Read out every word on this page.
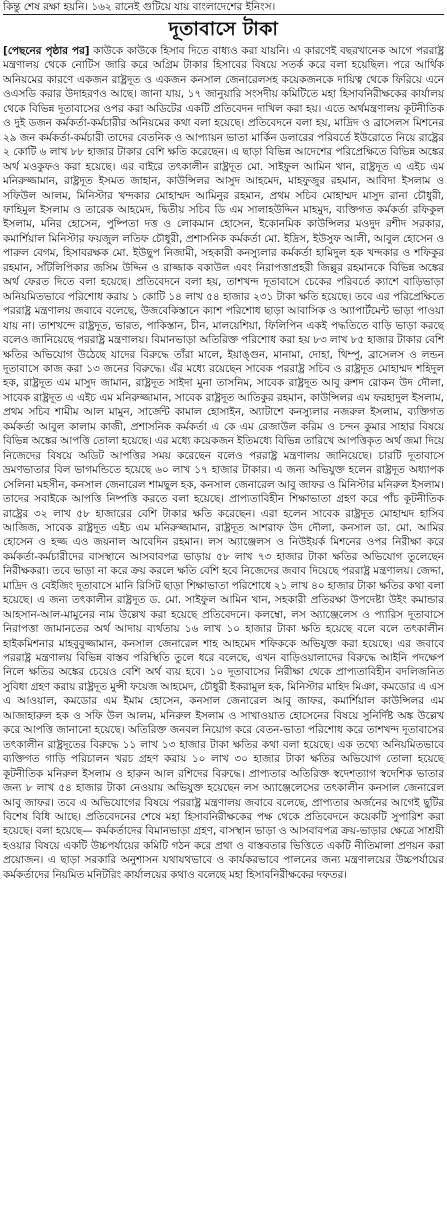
কিন্তু শেষ রক্ষা হয়নি। ১৬২ রানেই গুটিয়ে যায় বাংলাদেশের ইনিংস।
দূতাবাসে টাকা
[পেছনের পৃষ্ঠার পর] কাউকে কাউকে হিসাব দিতে বাধ্যও করা যায়নি। এ কারণেই বছরখানেক আগে পররাষ্ট্র মন্ত্রণালয় থেকে নোটিস জারি করে অগ্রিম টাকার হিসাবের বিষয়ে সতর্ক করে বলা হয়েছিল। পরে আর্থিক অনিয়মের কারণে একজন রাষ্ট্রদূত ও একজন কনসাল জেনারেলসহ কয়েকজনকে দায়িত্ব থেকে ফিরিয়ে এনে ওএসডি করার উদাহরণও আছে। জানা যায়, ১৭ জানুয়ারি সংসদীয় কমিটিতে মহা হিসাবনিরীক্ষকের কার্যালয় থেকে বিভিন্ন দূতাবাসের ওপর করা অডিটের একটি প্রতিবেদন দাখিল করা হয়। এতে অর্থমন্ত্রণালয় কূটনীতিক ও দুই ডজন কর্মকর্তা-কর্মচারীর অনিয়মের কথা বলা হয়েছে। প্রতিবেদনে বলা হয়, মাদ্রিদ ও ব্রাসেলস মিশনের ২৯ জন কর্মকর্তা-কর্মচারী তাদের বেতনিক ও আপ্যায়ন ভাতা মার্কিন ডলারের পরিবর্তে ইউরোতে নিয়ে রাষ্ট্রের ২ কোটি ৬ লাখ ৮৮ হাজার টাকার বেশি ক্ষতি করেছেন। এ ছাড়া বিভিন্ন আদেশের পরিপ্রেক্ষিতে বিভিন্ন অঙ্কের অর্থ মওকুফও করা হয়েছে। এর বাইরে তৎকালীন রাষ্ট্রদূত মো. সাইফুল আমিন খান, রাষ্ট্রদূত এ এইচ এম মনিরুজ্জামান, রাষ্ট্রদূত ইসমত জাহান, কাউন্সিলর আসুদ আহমেদ, মাহফুজুর রহমান, আবিদা ইসলাম ও সফিউল আলম, মিনিস্টার খন্দকার মোহাম্মদ আমিনুর রহমান, প্রথম সচিব মোহাম্মদ মাসুদ রানা চৌধুরী, ফাহিমুল ইসলাম ও তারেক আহমেদ, দ্বিতীয় সচিব ডি এম সালাহউদ্দিন মাহমুদ, ব্যক্তিগত কর্মকর্তা রফিকুল ইসলাম, মনির হোসেন, পুষ্পিতা দত্ত ও লোকমান হোসেন, ইকোনমিক কাউন্সিলর মওদুদ রশীদ সরকার, কমার্শিয়াল মিনিস্টার ফয়জুল লতিফ চৌধুরী, প্রশাসনিক কর্মকর্তা মো. ইদ্রিস, ইউসুফ আলী, আবুল হোসেন ও পারুল বেগম, হিসাবরক্ষক মো. ইউছুপ নিজামী, সহকারী কনস্যুলার কর্মকর্তা হামিদুল হক খন্দকার ও শফিকুর রহমান, সাঁটলিপিকার জসিম উদ্দিন ও রাজ্জাক বকাউল এবং নিরাপত্তাপ্রহরী জিল্লুর রহমানকে বিভিন্ন অঙ্কের অর্থ ফেরত দিতে বলা হয়েছে। প্রতিবেদনে বলা হয়, তাশখন্দ দূতাবাসে চেকের পরিবর্তে ক্যাশে বাড়িভাড়া অনিয়মিতভাবে পরিশোধ করায় ১ কোটি ১৪ লাখ ৫৪ হাজার ২৩১ টাকা ক্ষতি হয়েছে। তবে এর পরিপ্রেক্ষিতে পররাষ্ট্র মন্ত্রণালয় জবাবে বলেছে, উজবেকিস্তানে ক্যাশ পরিশোধ ছাড়া আবাসিক ও অ্যাপার্টমেন্ট ভাড়া পাওয়া যায় না। তাশখন্দে রাষ্ট্রদূত, ভারত, পাকিস্তান, চীন, মালয়েশিয়া, ফিলিপিন একই পদ্ধতিতে বাড়ি ভাড়া করছে বলেও জানিয়েছে পররাষ্ট্র মন্ত্রণালয়। বিমানভাড়া অতিরিক্ত পরিশোধ করা হয় ৮৩ লাখ ৮৫ হাজার টাকার বেশি ক্ষতির অভিযোগ উঠেছে যাদের বিরুদ্ধে তাঁরা মালে, ইয়াঙ্গুন, মানামা, দোহা, থিম্পু, ব্রাসেলস ও লন্ডন দূতাবাসে কাজ করা ১৩ জনের বিরুদ্ধে। এঁর মধ্যে রয়েছেন সাবেক পররাষ্ট্র সচিব ও রাষ্ট্রদূত মোহাম্মদ শহিদুল হক, রাষ্ট্রদূত এম মাসুদ জামান, রাষ্ট্রদূত সাইদা মুনা তাসনিম, সাবেক রাষ্ট্রদূত আবু রুশদ রোকন উদ দৌলা, সাবেক রাষ্ট্রদূত এ এইচ এম মনিরুজ্জামান, সাবেক রাষ্ট্রদূত আতিকুর রহমান, কাউন্সিলর এম ফরহাদুল ইসলাম, প্রথম সচিব শামীম আল মামুন, সার্জেন্ট কামাল হোসাইন, অ্যাটাশে কনস্যুলার নজরুল ইসলাম, ব্যক্তিগত কর্মকর্তা আবুল কালাম কাজী, প্রশাসনিক কর্মকর্তা এ কে এম রেজাউল করিম ও চন্দন কুমার সাহার বিষয়ে বিভিন্ন অঙ্কের আপত্তি তোলা হয়েছে। এর মধ্যে কয়েকজন ইতিমধ্যে বিভিন্ন তারিখে আপত্তিকৃত অর্থ জমা দিয়ে নিজেদের বিষয়ে অডিট আপত্তির সময় করেছেন বলেও পররাষ্ট্র মন্ত্রণালয় জানিয়েছে। চারটি দূতাবাসে ভ্রমণভাতার বিল ভাগমন্ডিতে হয়েছে ৬০ লাখ ১৭ হাজার টাকার। এ জন্য অভিযুক্ত হলেন রাষ্ট্রদূত অধ্যাপক সেলিনা মহসীন, কনসাল জেনারেল শামছুল হক, কনসাল জেনারেল আবু জাফর ও মিনিস্টার মনিরুল ইসলাম। তাদের সবাইকে আপত্তি নিষ্পত্তি করতে বলা হয়েছে। প্রাপ্যতাবিহীন শিক্ষাভাতা গ্রহণ করে পাঁচ কূটনীতিক রাষ্ট্রের ৩২ লাখ ৫৮ হাজারের বেশি টাকার ক্ষতি করেছেন। এরা হলেন সাবেক রাষ্ট্রদূত মোহাম্মদ হাসিব আজিজ, সাবেক রাষ্ট্রদূত এইচ এম মনিরুজ্জামান, রাষ্ট্রদূত আশরাফ উদ দৌলা, কনসাল ডা. মো. আমির হোসেন ও হজ্জ এও জয়নাল আবেদিন রহমান। লস অ্যাঞ্জেলস ও নিউইয়র্ক মিশনের ওপর নিরীক্ষা করে কর্মকর্তা-কর্মচারীদের বাসস্থানে আসবাবপত্র ভাড়ায় ৫৮ লাখ ৭৩ হাজার টাকা ক্ষতির অভিযোগ তুলেছেন নিরীক্ষকরা। তবে ভাড়া না করে ক্রয় করলে ক্ষতি বেশি হবে নিজেদের জবাব দিয়েছে পররাষ্ট্র মন্ত্রণালয়। জেদ্দা, মাদ্রিদ ও বেইজিং দূতাবাসে মানি রিসিট ছাড়া শিক্ষাভাতা পরিশোধে ২১ লাখ ৪০ হাজার টাকা ক্ষতির কথা বলা হয়েছে। এ জন্য তৎকালীন রাষ্ট্রদূত ড. মো. সাইফুল আমিন খান, সহকারী প্রতিরক্ষা উপদেষ্টা উইং কমান্ডার আহসান-আল-মামুনের নাম উল্লেখ করা হয়েছে প্রতিবেদনে। কলম্বো, লস অ্যাঞ্জেলেস ও প্যারিস দূতাবাসে নিরাপত্তা জামানতের অর্থ আদায় ব্যর্থতায় ১৬ লাখ ১০ হাজার টাকা ক্ষতি হয়েছে বলে বলে তৎকালীন হাইকমিশনার মাহবুবুজ্জামান, কনসাল জেনারেল শাহ আহমেদ শফিককে অভিযুক্ত করা হয়েছে। এর জবাবে পররাষ্ট্র মন্ত্রণালয় বিভিন্ন বাস্তব পরিস্থিতি তুলে ধরে বলেছে, এখন বাড়িওয়ালাদের বিরুদ্ধে আইনি পদক্ষেপ নিলে ক্ষতির অঙ্কের চেয়েও বেশি অর্থ ব্যয় হবে। ১০ দূতাবাসের নিরীক্ষা থেকে প্রাপ্যতাবিহীন বদলিজনিত সুবিধা গ্রহণ করায় রাষ্ট্রদূত মুন্সী ফয়েজ আহমেদ, চৌধুরী ইকরামুল হক, মিনিস্টার মাহিদ মিঞা, কমডোর এ এস এ আওয়াল, কমডোর এম ইমাম হোসেন, কনসাল জেনারেল আবু জাফর, কমার্শিয়াল কাউন্সিলর এম আজাহারুল হক ও সফি উল আলম, মনিরুল ইসলাম ও সাখাওয়াত হোসেনের বিষয়ে সুনির্দিষ্ট অঙ্ক উল্লেখ করে আপত্তি জানানো হয়েছে। অতিরিক্ত জনবল নিয়োগ করে বেতন-ভাতা পরিশোধ করে তাশখন্দ দূতাবাসের তৎকালীন রাষ্ট্রদূতের বিরুদ্ধে ১১ লাখ ১৩ হাজার টাকা ক্ষতির কথা বলা হয়েছে। এক তথ্যে অনিয়মিতভাবে ব্যক্তিগত গাড়ি পরিচালন খরচ গ্রহণ করায় ১০ লাখ ৩০ হাজার টাকা ক্ষতির অভিযোগ তোলা হয়েছে কূটনীতিক মনিরুল ইসলাম ও হারুন আল রশিদের বিরুদ্ধে। প্রাপ্যতার অতিরিক্ত স্বদেশত্যাগ স্বদেশিক ভাতার জন্য ৮ লাখ ৫৪ হাজার টাকা নেওয়ায় অভিযুক্ত হয়েছেন লস অ্যাঞ্জেলেসের তৎকালীন কনসাল জেনারেল আবু জাফর। তবে এ অভিযোগের বিষয়ে পররাষ্ট্র মন্ত্রণালয় জবাবে বলেছে, প্রাপ্যতার অর্জনের আগেই ছুটির বিশেষ বিধি আছে। প্রতিবেদনের শেষে মহা হিসাবনিরীক্ষকের পক্ষ থেকে প্রতিবেদনে কয়েকটি সুপারিশ করা হয়েছে। বলা হয়েছে— কর্মকর্তাদের বিমানভাড়া গ্রহণ, বাসস্থান ভাড়া ও আসবাবপত্র ক্রয়-ভাড়ার ক্ষেত্রে সাশ্রয়ী হওয়ার বিষয়ে একটি উচ্চপর্যায়ের কমিটি গঠন করে প্রথা ও বাস্তবতার ভিত্তিতে একটি নীতিমালা প্রণয়ন করা প্রয়োজন। এ ছাড়া সরকারি অনুশাসন যথাযথভাবে ও কার্যকরভাবে পালনের জন্য মন্ত্রণালয়ের উচ্চপর্যায়ের কর্মকর্তাদের নিয়মিত মনিটরিং কার্যালয়ের কথাও বলেছে মহা হিসাবনিরীক্ষকের দফতর।
